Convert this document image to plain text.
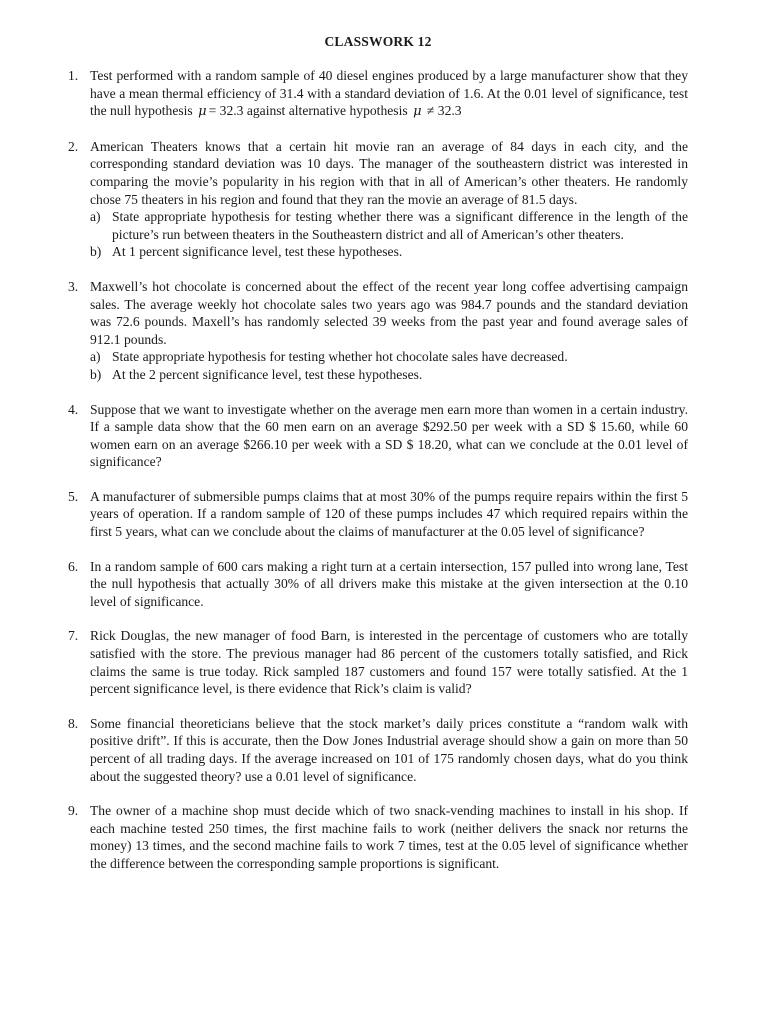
CLASSWORK 12
1. Test performed with a random sample of 40 diesel engines produced by a large manufacturer show that they have a mean thermal efficiency of 31.4 with a standard deviation of 1.6. At the 0.01 level of significance, test the null hypothesis μ = 32.3 against alternative hypothesis μ ≠ 32.3
2. American Theaters knows that a certain hit movie ran an average of 84 days in each city, and the corresponding standard deviation was 10 days. The manager of the southeastern district was interested in comparing the movie’s popularity in his region with that in all of American’s other theaters. He randomly chose 75 theaters in his region and found that they ran the movie an average of 81.5 days.
a) State appropriate hypothesis for testing whether there was a significant difference in the length of the picture’s run between theaters in the Southeastern district and all of American’s other theaters.
b) At 1 percent significance level, test these hypotheses.
3. Maxwell’s hot chocolate is concerned about the effect of the recent year long coffee advertising campaign sales. The average weekly hot chocolate sales two years ago was 984.7 pounds and the standard deviation was 72.6 pounds. Maxell’s has randomly selected 39 weeks from the past year and found average sales of 912.1 pounds.
a) State appropriate hypothesis for testing whether hot chocolate sales have decreased.
b) At the 2 percent significance level, test these hypotheses.
4. Suppose that we want to investigate whether on the average men earn more than women in a certain industry. If a sample data show that the 60 men earn on an average $292.50 per week with a SD $ 15.60, while 60 women earn on an average $266.10 per week with a SD $ 18.20, what can we conclude at the 0.01 level of significance?
5. A manufacturer of submersible pumps claims that at most 30% of the pumps require repairs within the first 5 years of operation. If a random sample of 120 of these pumps includes 47 which required repairs within the first 5 years, what can we conclude about the claims of manufacturer at the 0.05 level of significance?
6. In a random sample of 600 cars making a right turn at a certain intersection, 157 pulled into wrong lane, Test the null hypothesis that actually 30% of all drivers make this mistake at the given intersection at the 0.10 level of significance.
7. Rick Douglas, the new manager of food Barn, is interested in the percentage of customers who are totally satisfied with the store. The previous manager had 86 percent of the customers totally satisfied, and Rick claims the same is true today. Rick sampled 187 customers and found 157 were totally satisfied. At the 1 percent significance level, is there evidence that Rick’s claim is valid?
8. Some financial theoreticians believe that the stock market’s daily prices constitute a “random walk with positive drift”. If this is accurate, then the Dow Jones Industrial average should show a gain on more than 50 percent of all trading days. If the average increased on 101 of 175 randomly chosen days, what do you think about the suggested theory? use a 0.01 level of significance.
9. The owner of a machine shop must decide which of two snack-vending machines to install in his shop. If each machine tested 250 times, the first machine fails to work (neither delivers the snack nor returns the money) 13 times, and the second machine fails to work 7 times, test at the 0.05 level of significance whether the difference between the corresponding sample proportions is significant.
